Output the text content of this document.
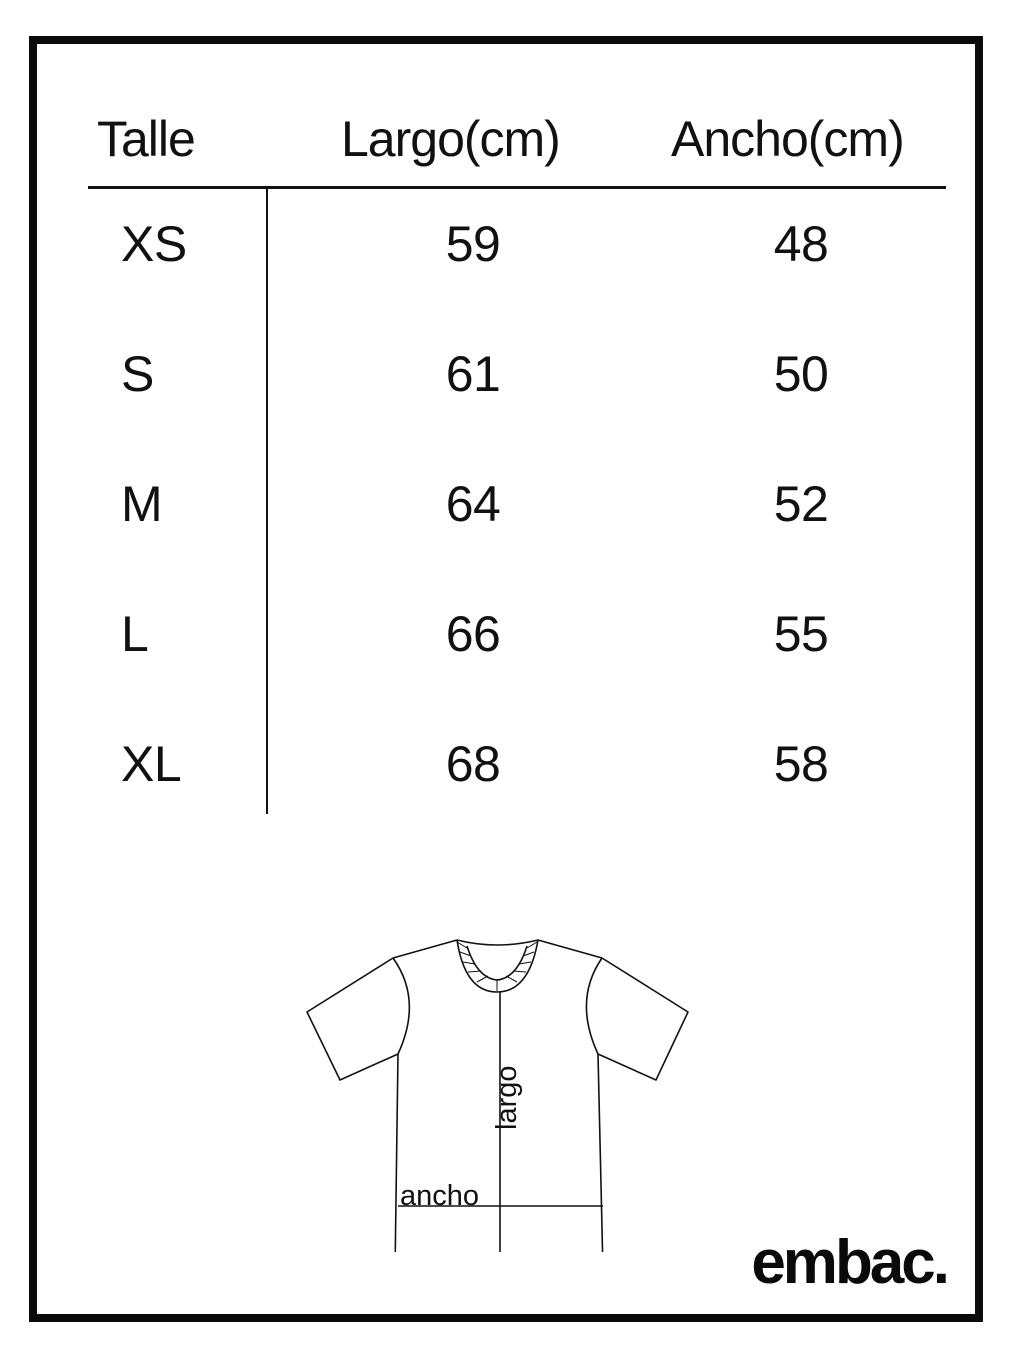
Talle	Largo(cm) Ancho(cm)
XS	59	48
S	61	50
M	64	52
L	66	55
XL	68	58
largo
ancho
embac.
